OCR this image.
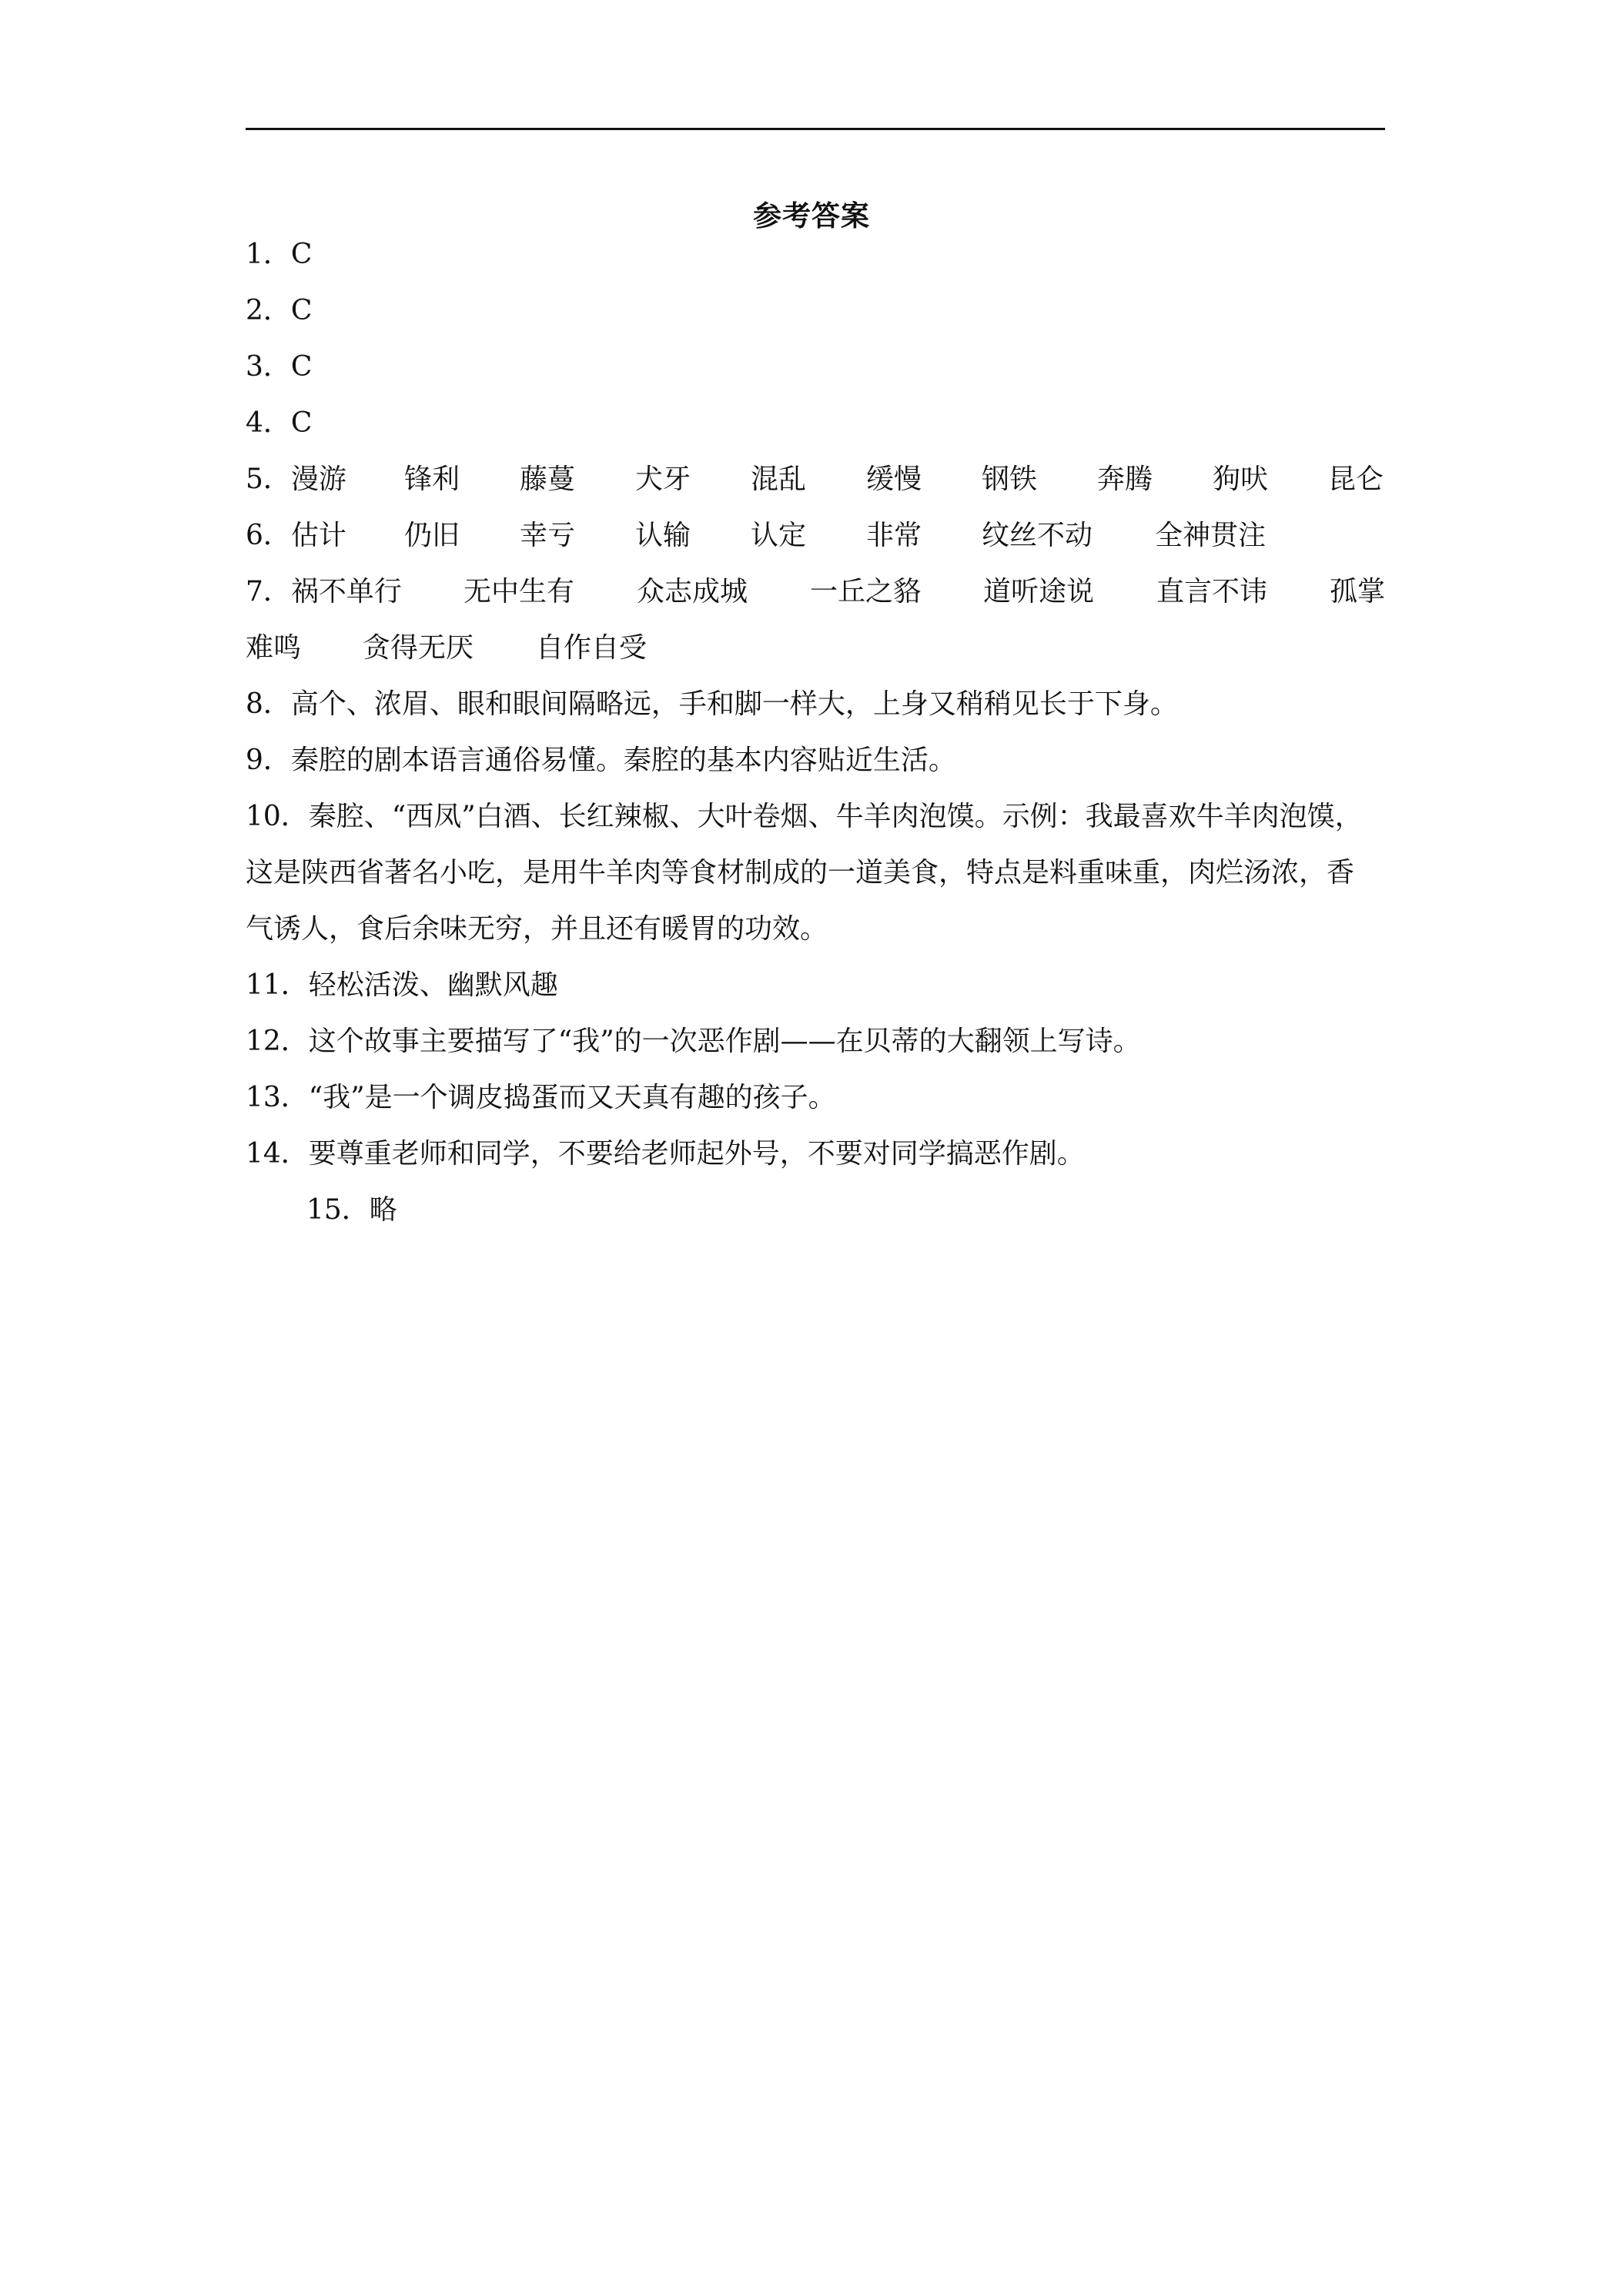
参考答案
1．C
2．C
3．C
4．C
5．漫游 锋利 藤蔓 犬牙 混乱 缓慢 钢铁 奔腾 狗吠 昆仑
6．估计 仍旧 幸亏 认输 认定 非常 纹丝不动 全神贯注
7．祸不单行 无中生有 众志成城 一丘之貉 道听途说 直言不讳 孤掌
难鸣 贪得无厌 自作自受
8．高个、浓眉、眼和眼间隔略远，手和脚一样大，上身又稍稍见长于下身。
9．秦腔的剧本语言通俗易懂。秦腔的基本内容贴近生活。
10．秦腔、“西凤”白酒、长红辣椒、大叶卷烟、牛羊肉泡馍。示例：我最喜欢牛羊肉泡馍，
这是陕西省著名小吃，是用牛羊肉等食材制成的一道美食，特点是料重味重，肉烂汤浓，香
气诱人，食后余味无穷，并且还有暖胃的功效。
11．轻松活泼、幽默风趣
12．这个故事主要描写了“我”的一次恶作剧——在贝蒂的大翻领上写诗。
13．“我”是一个调皮捣蛋而又天真有趣的孩子。
14．要尊重老师和同学，不要给老师起外号，不要对同学搞恶作剧。
15．略
